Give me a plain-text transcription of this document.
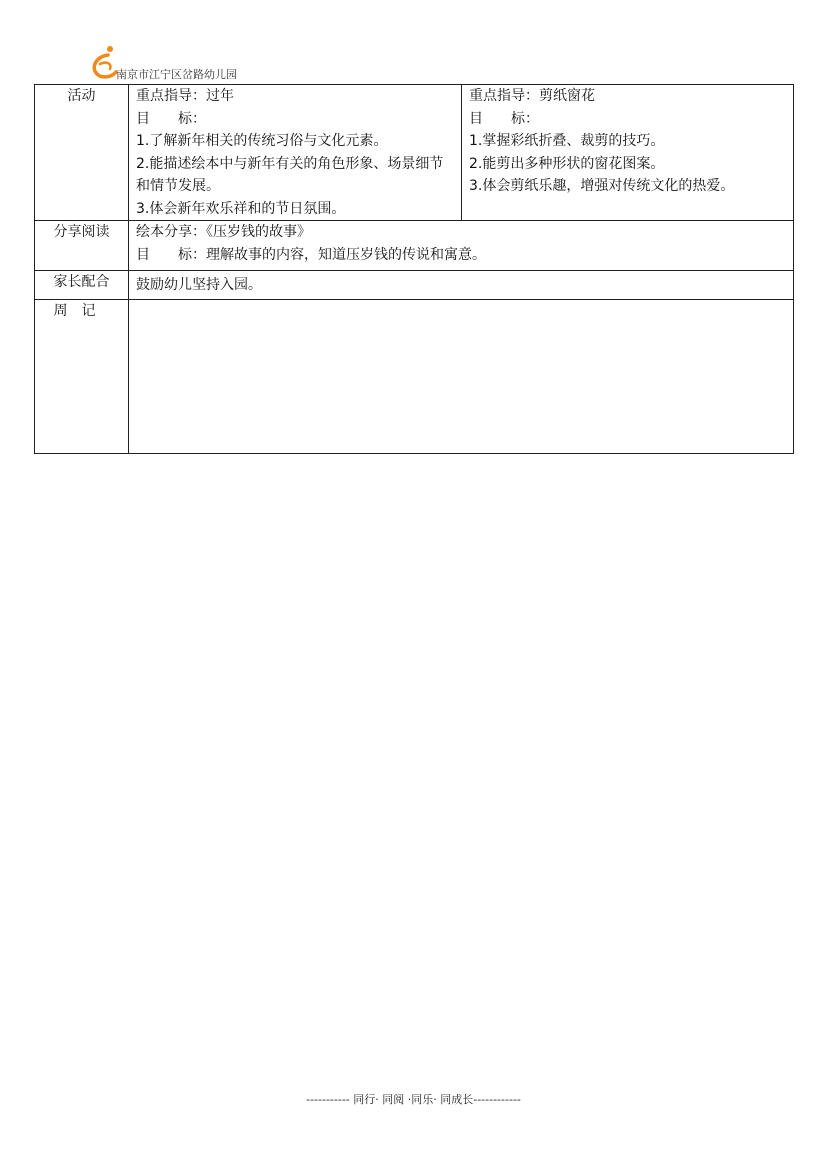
南京市江宁区岔路幼儿园
活动	重点指导：过年
目　　标：
1.了解新年相关的传统习俗与文化元素。
2.能描述绘本中与新年有关的角色形象、场景细节和情节发展。
3.体会新年欢乐祥和的节日氛围。	重点指导：剪纸窗花
目　　标：
1.掌握彩纸折叠、裁剪的技巧。
2.能剪出多种形状的窗花图案。
3.体会剪纸乐趣，增强对传统文化的热爱。

分享阅读	绘本分享：《压岁钱的故事》
目　　标：理解故事的内容，知道压岁钱的传说和寓意。	

家长配合	鼓励幼儿坚持入园。	
周记		
----------- 同行· 同阅 ·同乐· 同成长------------
